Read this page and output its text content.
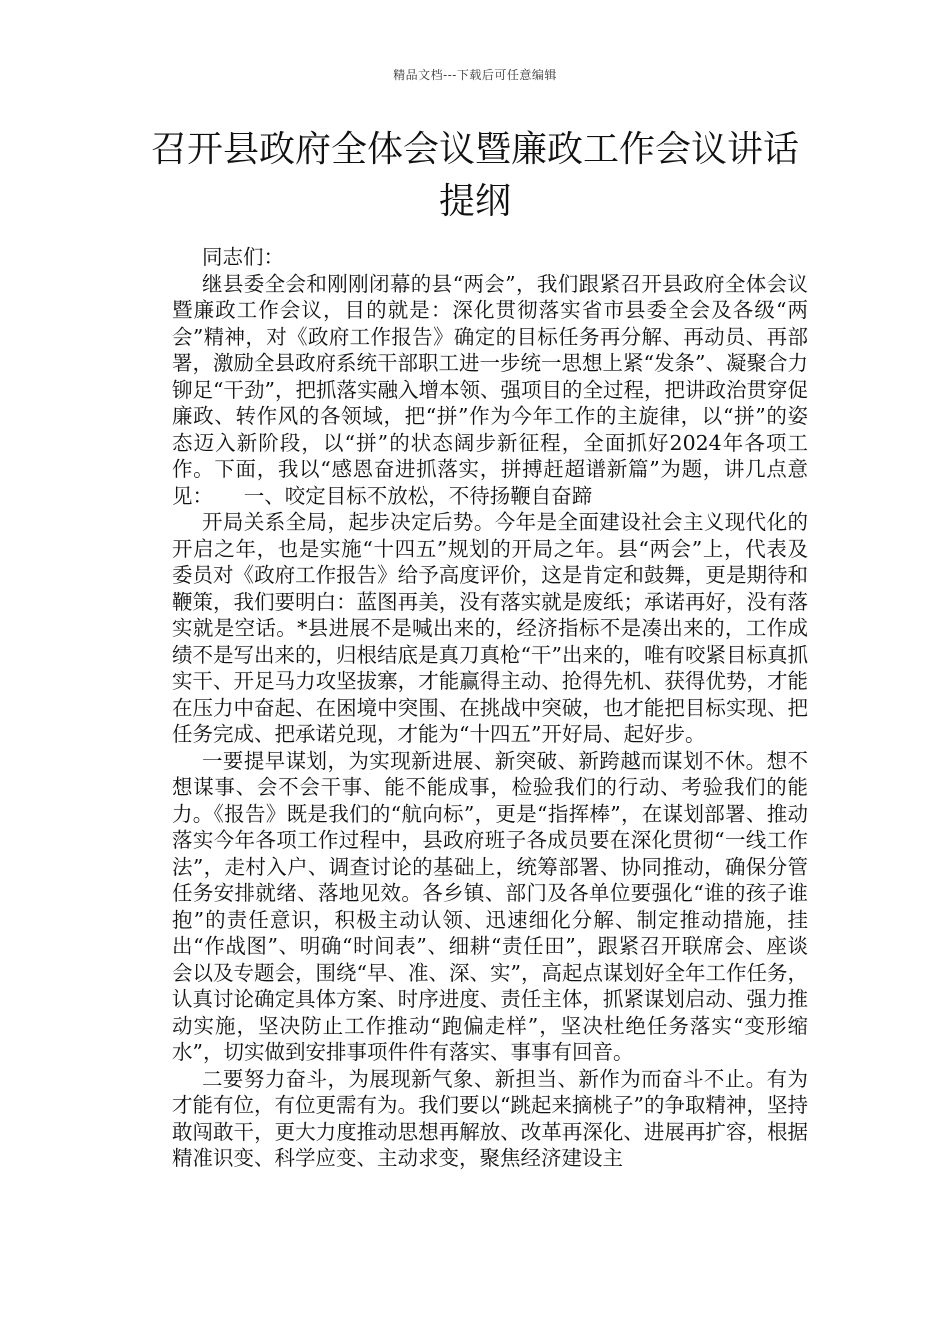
精品文档---下载后可任意编辑
召开县政府全体会议暨廉政工作会议讲话
提纲

同志们：

继县委全会和刚刚闭幕的县“两会”，我们跟紧召开县政府全体会议暨廉政工作会议，目的就是：深化贯彻落实省市县委全会及各级“两会”精神，对《政府工作报告》确定的目标任务再分解、再动员、再部署，激励全县政府系统干部职工进一步统一思想上紧“发条”、凝聚合力铆足“干劲”，把抓落实融入增本领、强项目的全过程，把讲政治贯穿促廉政、转作风的各领域，把“拼”作为今年工作的主旋律，以“拼”的姿态迈入新阶段，以“拼”的状态阔步新征程，全面抓好2024年各项工作。下面，我以“感恩奋进抓落实，拼搏赶超谱新篇”为题，讲几点意见：　　一、咬定目标不放松，不待扬鞭自奋蹄

开局关系全局，起步决定后势。今年是全面建设社会主义现代化的开启之年，也是实施“十四五”规划的开局之年。县“两会”上，代表及委员对《政府工作报告》给予高度评价，这是肯定和鼓舞，更是期待和鞭策，我们要明白：蓝图再美，没有落实就是废纸；承诺再好，没有落实就是空话。*县进展不是喊出来的，经济指标不是凑出来的，工作成绩不是写出来的，归根结底是真刀真枪“干”出来的，唯有咬紧目标真抓实干、开足马力攻坚拔寨，才能赢得主动、抢得先机、获得优势，才能在压力中奋起、在困境中突围、在挑战中突破，也才能把目标实现、把任务完成、把承诺兑现，才能为“十四五”开好局、起好步。

一要提早谋划，为实现新进展、新突破、新跨越而谋划不休。想不想谋事、会不会干事、能不能成事，检验我们的行动、考验我们的能力。《报告》既是我们的“航向标”，更是“指挥棒”，在谋划部署、推动落实今年各项工作过程中，县政府班子各成员要在深化贯彻“一线工作法”，走村入户、调查讨论的基础上，统筹部署、协同推动，确保分管任务安排就绪、落地见效。各乡镇、部门及各单位要强化“谁的孩子谁抱”的责任意识，积极主动认领、迅速细化分解、制定推动措施，挂出“作战图”、明确“时间表”、细耕“责任田”，跟紧召开联席会、座谈会以及专题会，围绕“早、准、深、实”，高起点谋划好全年工作任务，认真讨论确定具体方案、时序进度、责任主体，抓紧谋划启动、强力推动实施，坚决防止工作推动“跑偏走样”，坚决杜绝任务落实“变形缩水”，切实做到安排事项件件有落实、事事有回音。

二要努力奋斗，为展现新气象、新担当、新作为而奋斗不止。有为才能有位，有位更需有为。我们要以“跳起来摘桃子”的争取精神，坚持敢闯敢干，更大力度推动思想再解放、改革再深化、进展再扩容，根据精准识变、科学应变、主动求变，聚焦经济建设主
